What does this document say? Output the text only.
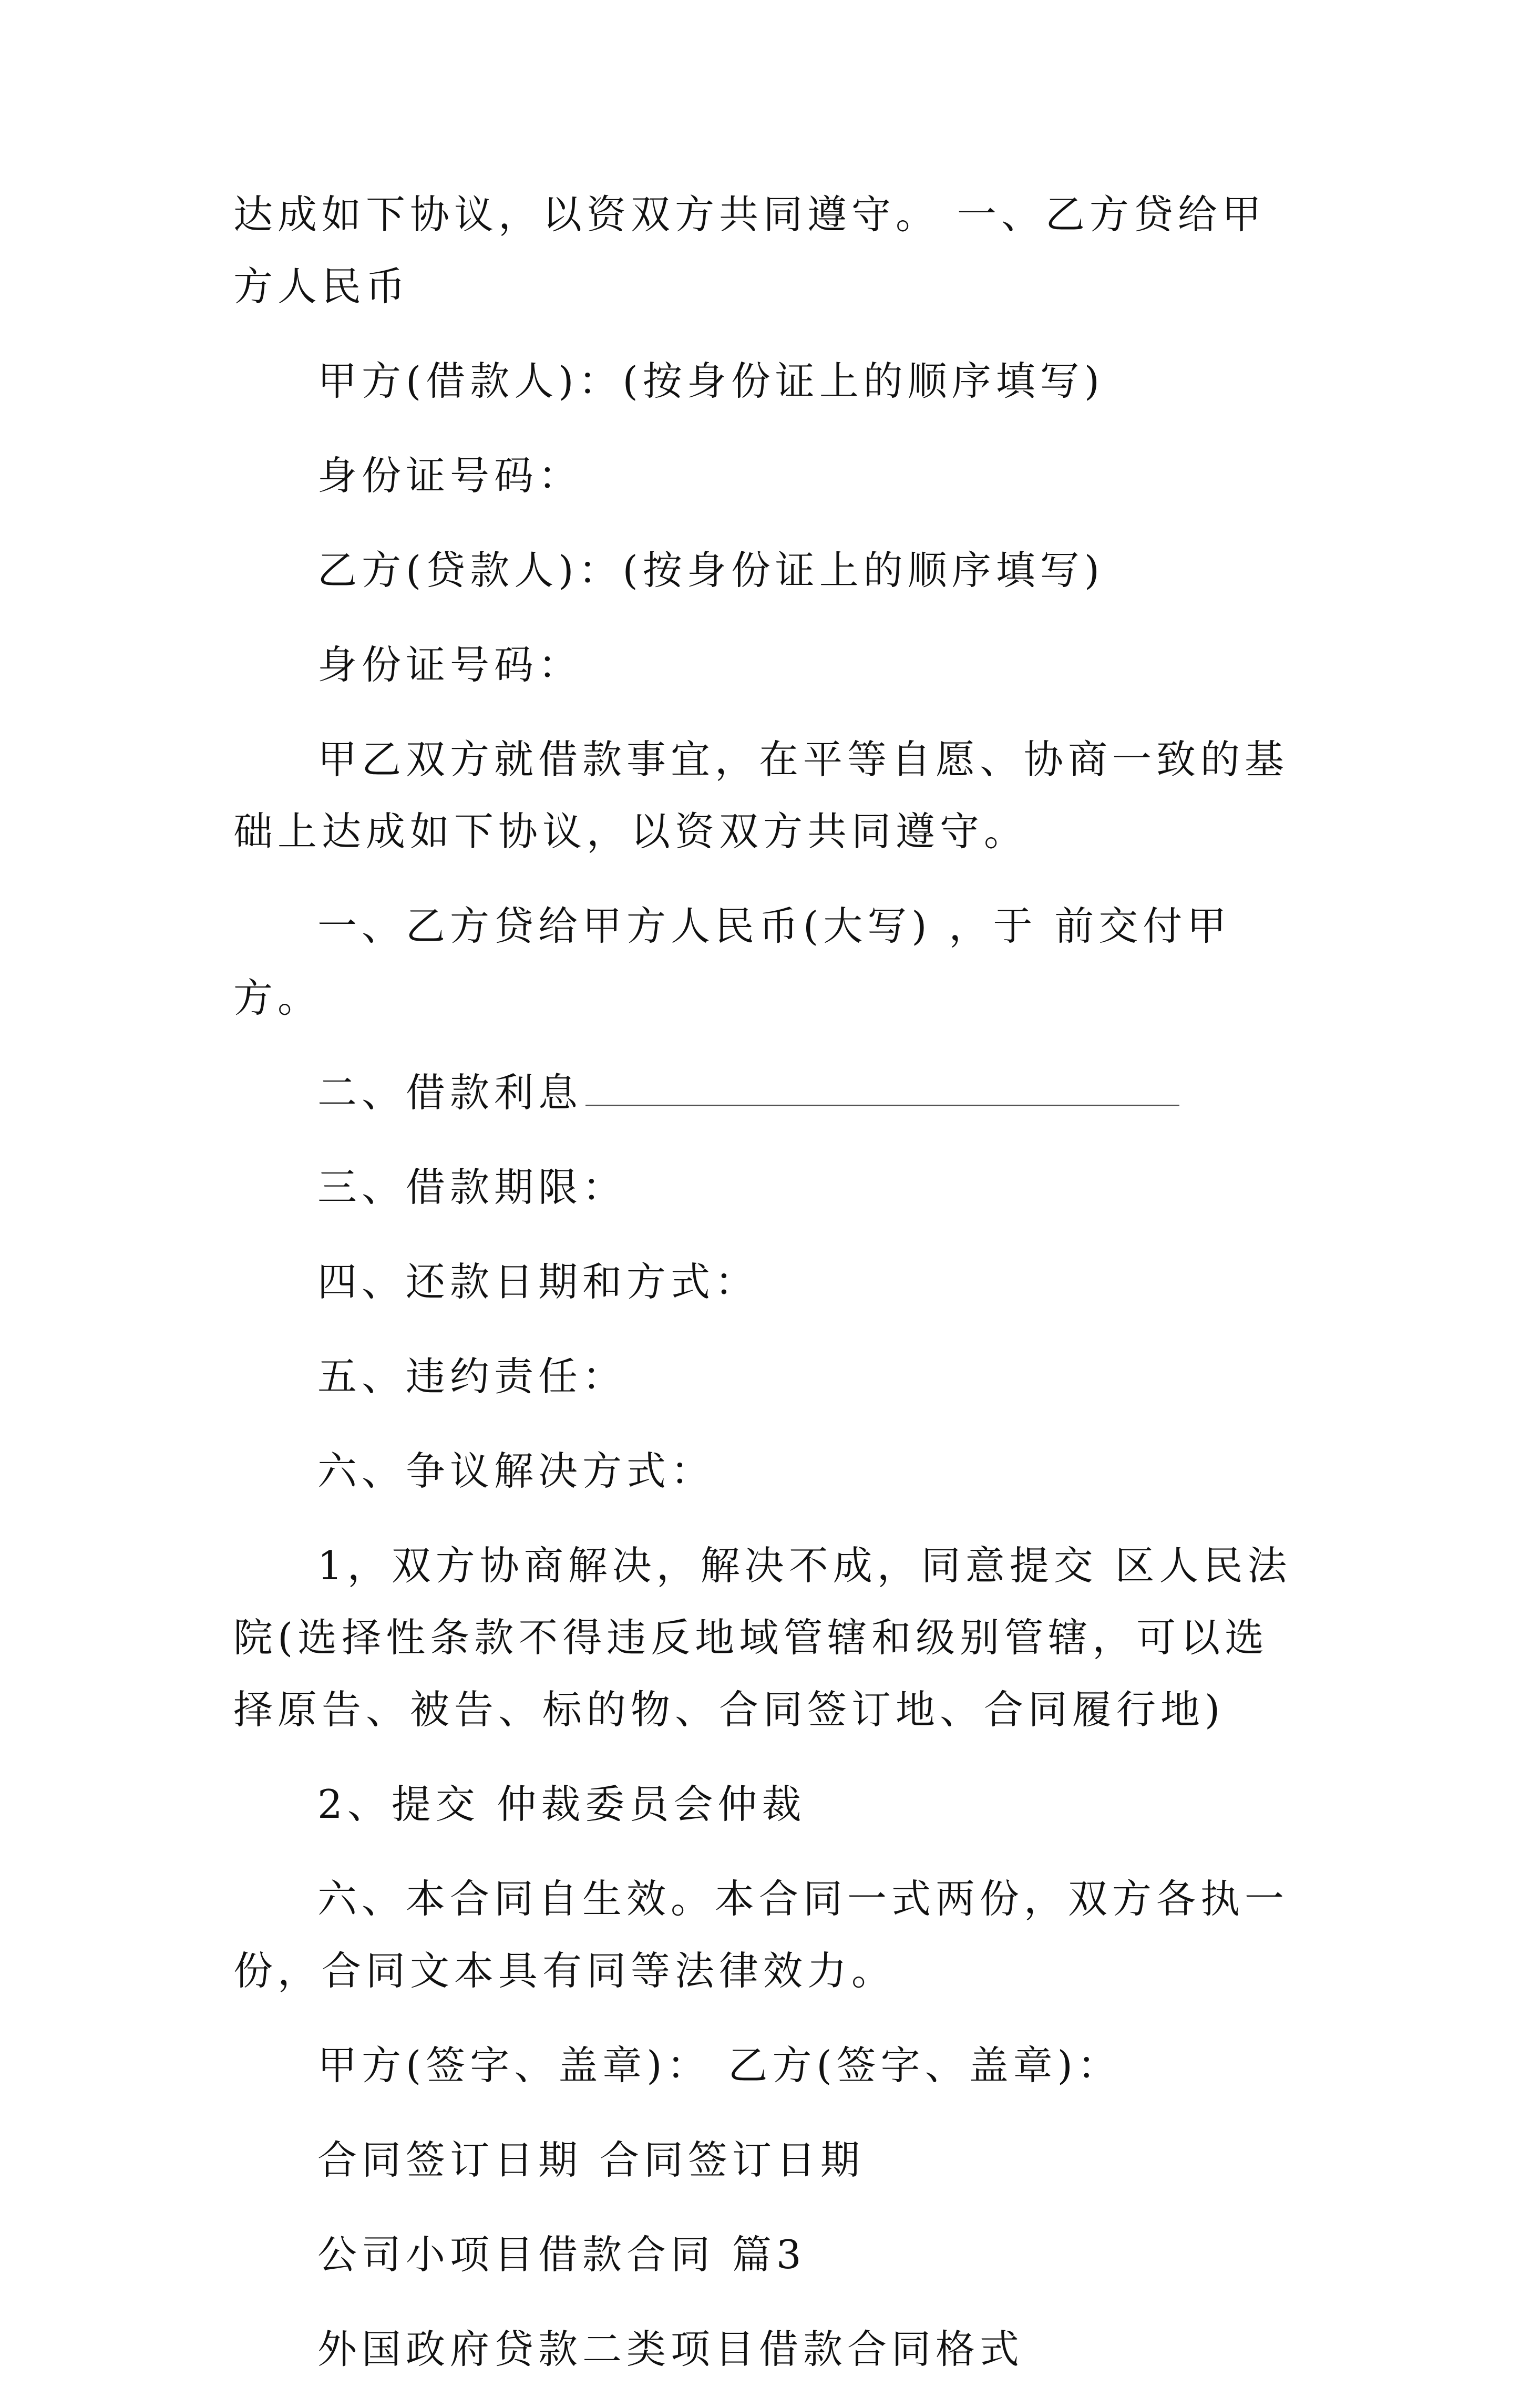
达成如下协议，以资双方共同遵守。 一、乙方贷给甲方人民币

甲方(借款人)：(按身份证上的顺序填写)

身份证号码：

乙方(贷款人)：(按身份证上的顺序填写)

身份证号码：

甲乙双方就借款事宜，在平等自愿、协商一致的基础上达成如下协议，以资双方共同遵守。

一、乙方贷给甲方人民币(大写) ，于 前交付甲方。

二、借款利息

三、借款期限：

四、还款日期和方式：

五、违约责任：

六、争议解决方式：

1，双方协商解决，解决不成，同意提交 区人民法院(选择性条款不得违反地域管辖和级别管辖，可以选择原告、被告、标的物、合同签订地、合同履行地)

2、提交 仲裁委员会仲裁

六、本合同自生效。本合同一式两份，双方各执一份，合同文本具有同等法律效力。

甲方(签字、盖章)： 乙方(签字、盖章)：

合同签订日期 合同签订日期

公司小项目借款合同 篇3

外国政府贷款二类项目借款合同格式
